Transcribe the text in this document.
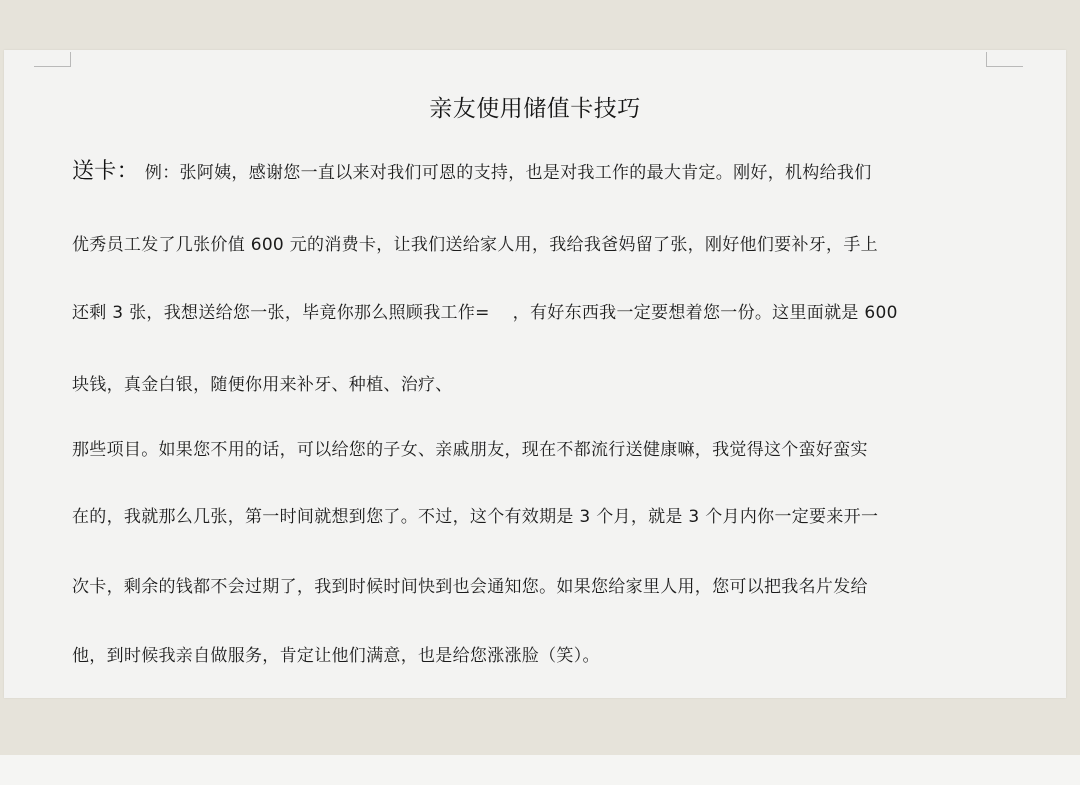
亲友使用储值卡技巧
送卡： 例：张阿姨，感谢您一直以来对我们可恩的支持，也是对我工作的最大肯定。刚好，机构给我们
优秀员工发了几张价值 600 元的消费卡，让我们送给家人用，我给我爸妈留了张，刚好他们要补牙，手上
还剩 3 张，我想送给您一张，毕竟你那么照顾我工作=　 ，有好东西我一定要想着您一份。这里面就是 600
块钱，真金白银，随便你用来补牙、种植、治疗、
那些项目。如果您不用的话，可以给您的子女、亲戚朋友，现在不都流行送健康嘛，我觉得这个蛮好蛮实
在的，我就那么几张，第一时间就想到您了。不过，这个有效期是 3 个月，就是 3 个月内你一定要来开一
次卡，剩余的钱都不会过期了，我到时候时间快到也会通知您。如果您给家里人用，您可以把我名片发给
他，到时候我亲自做服务，肯定让他们满意，也是给您涨涨脸（笑）。
